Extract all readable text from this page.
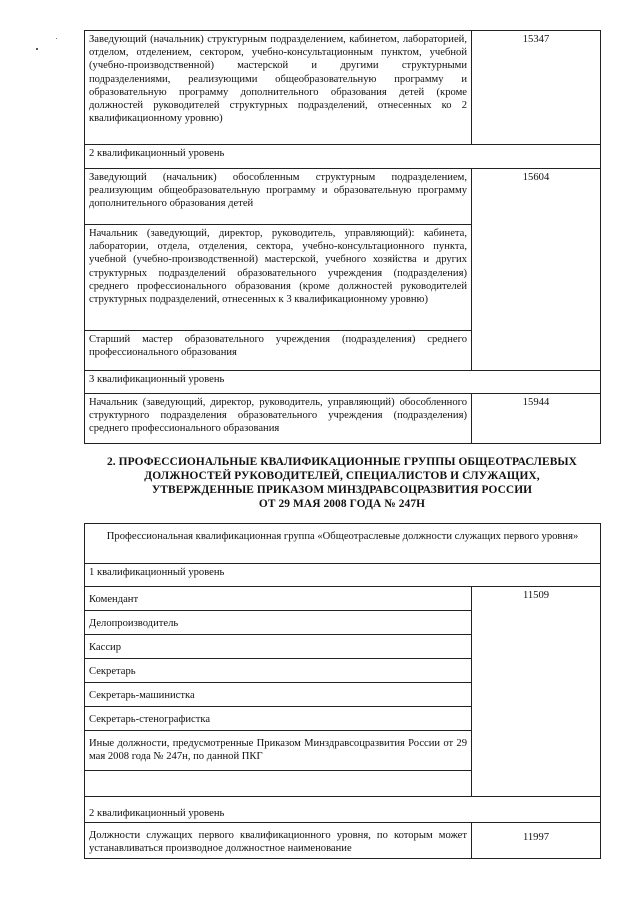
Заведующий (начальник) структурным подразделением, кабинетом, лабораторией, отделом, отделением, сектором, учебно-консультационным пунктом, учебной (учебно-производственной) мастерской и другими структурными подразделениями, реализующими общеобразовательную программу и образовательную программу дополнительного образования детей (кроме должностей руководителей структурных подразделений, отнесенных ко 2 квалификационному уровню)	15347
2 квалификационный уровень	
Заведующий (начальник) обособленным структурным подразделением, реализующим общеобразовательную программу и образовательную программу дополнительного образования детей	15604
Начальник (заведующий, директор, руководитель, управляющий): кабинета, лаборатории, отдела, отделения, сектора, учебно-консультационного пункта, учебной (учебно-производственной) мастерской, учебного хозяйства и других структурных подразделений образовательного учреждения (подразделения) среднего профессионального образования (кроме должностей руководителей структурных подразделений, отнесенных к 3 квалификационному уровню)	
Старший мастер образовательного учреждения (подразделения) среднего профессионального образования	
3 квалификационный уровень	
Начальник (заведующий, директор, руководитель, управляющий) обособленного структурного подразделения образовательного учреждения (подразделения) среднего профессионального образования	15944
2. ПРОФЕССИОНАЛЬНЫЕ КВАЛИФИКАЦИОННЫЕ ГРУППЫ ОБЩЕОТРАСЛЕВЫХ
ДОЛЖНОСТЕЙ РУКОВОДИТЕЛЕЙ, СПЕЦИАЛИСТОВ И СЛУЖАЩИХ,
УТВЕРЖДЕННЫЕ ПРИКАЗОМ МИНЗДРАВСОЦРАЗВИТИЯ РОССИИ
ОТ 29 МАЯ 2008 ГОДА № 247Н
Профессиональная квалификационная группа «Общеотраслевые должности служащих первого уровня»	
1 квалификационный уровень	
Комендант	11509
Делопроизводитель	
Кассир	
Секретарь	
Секретарь-машинистка	
Секретарь-стенографистка	
Иные должности, предусмотренные Приказом Минздравсоцразвития России от 29 мая 2008 года № 247н, по данной ПКГ	

2 квалификационный уровень	
Должности служащих первого квалификационного уровня, по которым может устанавливаться производное должностное наименование	11997
